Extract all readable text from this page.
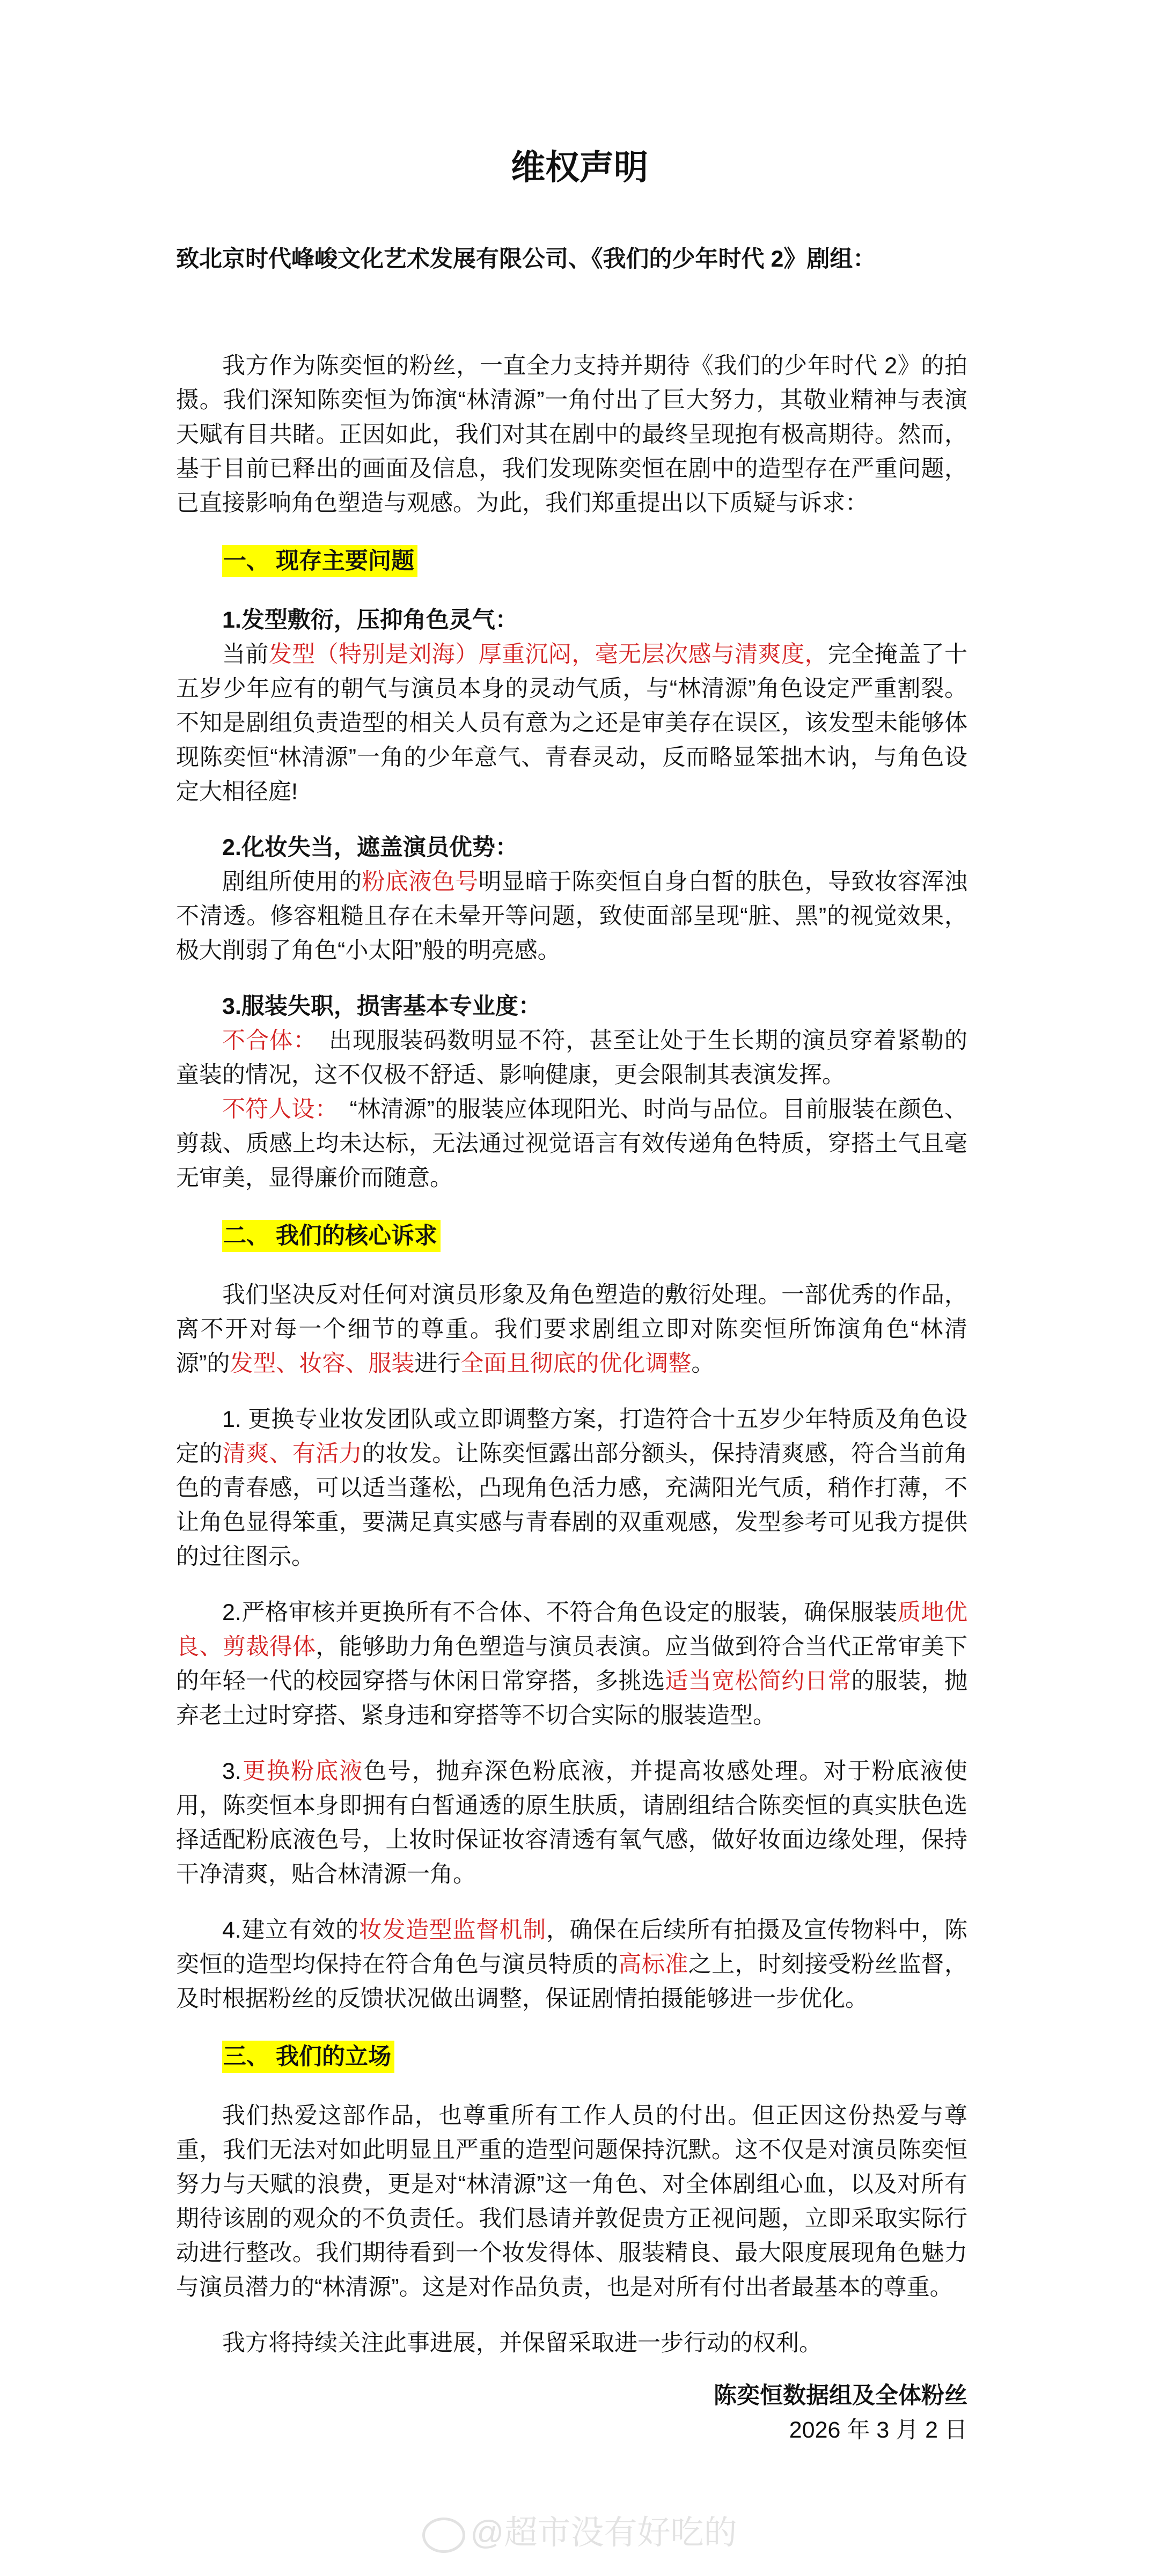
维权声明
致北京时代峰峻文化艺术发展有限公司、《我们的少年时代 2》剧组：
我方作为陈奕恒的粉丝，一直全力支持并期待《我们的少年时代 2》的拍摄。我们深知陈奕恒为饰演“林清源”一角付出了巨大努力，其敬业精神与表演天赋有目共睹。正因如此，我们对其在剧中的最终呈现抱有极高期待。然而，基于目前已释出的画面及信息，我们发现陈奕恒在剧中的造型存在严重问题，已直接影响角色塑造与观感。为此，我们郑重提出以下质疑与诉求：
一、 现存主要问题
1.发型敷衍，压抑角色灵气：
当前发型（特别是刘海）厚重沉闷，毫无层次感与清爽度，完全掩盖了十五岁少年应有的朝气与演员本身的灵动气质，与“林清源”角色设定严重割裂。不知是剧组负责造型的相关人员有意为之还是审美存在误区，该发型未能够体现陈奕恒“林清源”一角的少年意气、青春灵动，反而略显笨拙木讷，与角色设定大相径庭!
2.化妆失当，遮盖演员优势：
剧组所使用的粉底液色号明显暗于陈奕恒自身白皙的肤色，导致妆容浑浊不清透。修容粗糙且存在未晕开等问题，致使面部呈现“脏、黑”的视觉效果，极大削弱了角色“小太阳”般的明亮感。
3.服装失职，损害基本专业度：
不合体：　出现服装码数明显不符，甚至让处于生长期的演员穿着紧勒的童装的情况，这不仅极不舒适、影响健康，更会限制其表演发挥。
不符人设：　“林清源”的服装应体现阳光、时尚与品位。目前服装在颜色、剪裁、质感上均未达标，无法通过视觉语言有效传递角色特质，穿搭土气且毫无审美，显得廉价而随意。
二、 我们的核心诉求
我们坚决反对任何对演员形象及角色塑造的敷衍处理。一部优秀的作品，离不开对每一个细节的尊重。我们要求剧组立即对陈奕恒所饰演角色“林清源”的发型、妆容、服装进行全面且彻底的优化调整。
1. 更换专业妆发团队或立即调整方案，打造符合十五岁少年特质及角色设定的清爽、有活力的妆发。让陈奕恒露出部分额头，保持清爽感，符合当前角色的青春感，可以适当蓬松，凸现角色活力感，充满阳光气质，稍作打薄，不让角色显得笨重，要满足真实感与青春剧的双重观感，发型参考可见我方提供的过往图示。
2.严格审核并更换所有不合体、不符合角色设定的服装，确保服装质地优良、剪裁得体，能够助力角色塑造与演员表演。应当做到符合当代正常审美下的年轻一代的校园穿搭与休闲日常穿搭，多挑选适当宽松简约日常的服装，抛弃老土过时穿搭、紧身违和穿搭等不切合实际的服装造型。
3.更换粉底液色号，抛弃深色粉底液，并提高妆感处理。对于粉底液使用，陈奕恒本身即拥有白皙通透的原生肤质，请剧组结合陈奕恒的真实肤色选择适配粉底液色号，上妆时保证妆容清透有氧气感，做好妆面边缘处理，保持干净清爽，贴合林清源一角。
4.建立有效的妆发造型监督机制，确保在后续所有拍摄及宣传物料中，陈奕恒的造型均保持在符合角色与演员特质的高标准之上，时刻接受粉丝监督，及时根据粉丝的反馈状况做出调整，保证剧情拍摄能够进一步优化。
三、 我们的立场
我们热爱这部作品，也尊重所有工作人员的付出。但正因这份热爱与尊重，我们无法对如此明显且严重的造型问题保持沉默。这不仅是对演员陈奕恒努力与天赋的浪费，更是对“林清源”这一角色、对全体剧组心血，以及对所有期待该剧的观众的不负责任。我们恳请并敦促贵方正视问题，立即采取实际行动进行整改。我们期待看到一个妆发得体、服装精良、最大限度展现角色魅力与演员潜力的“林清源”。这是对作品负责，也是对所有付出者最基本的尊重。
我方将持续关注此事进展，并保留采取进一步行动的权利。
陈奕恒数据组及全体粉丝
2026 年 3 月 2 日
@超市没有好吃的
